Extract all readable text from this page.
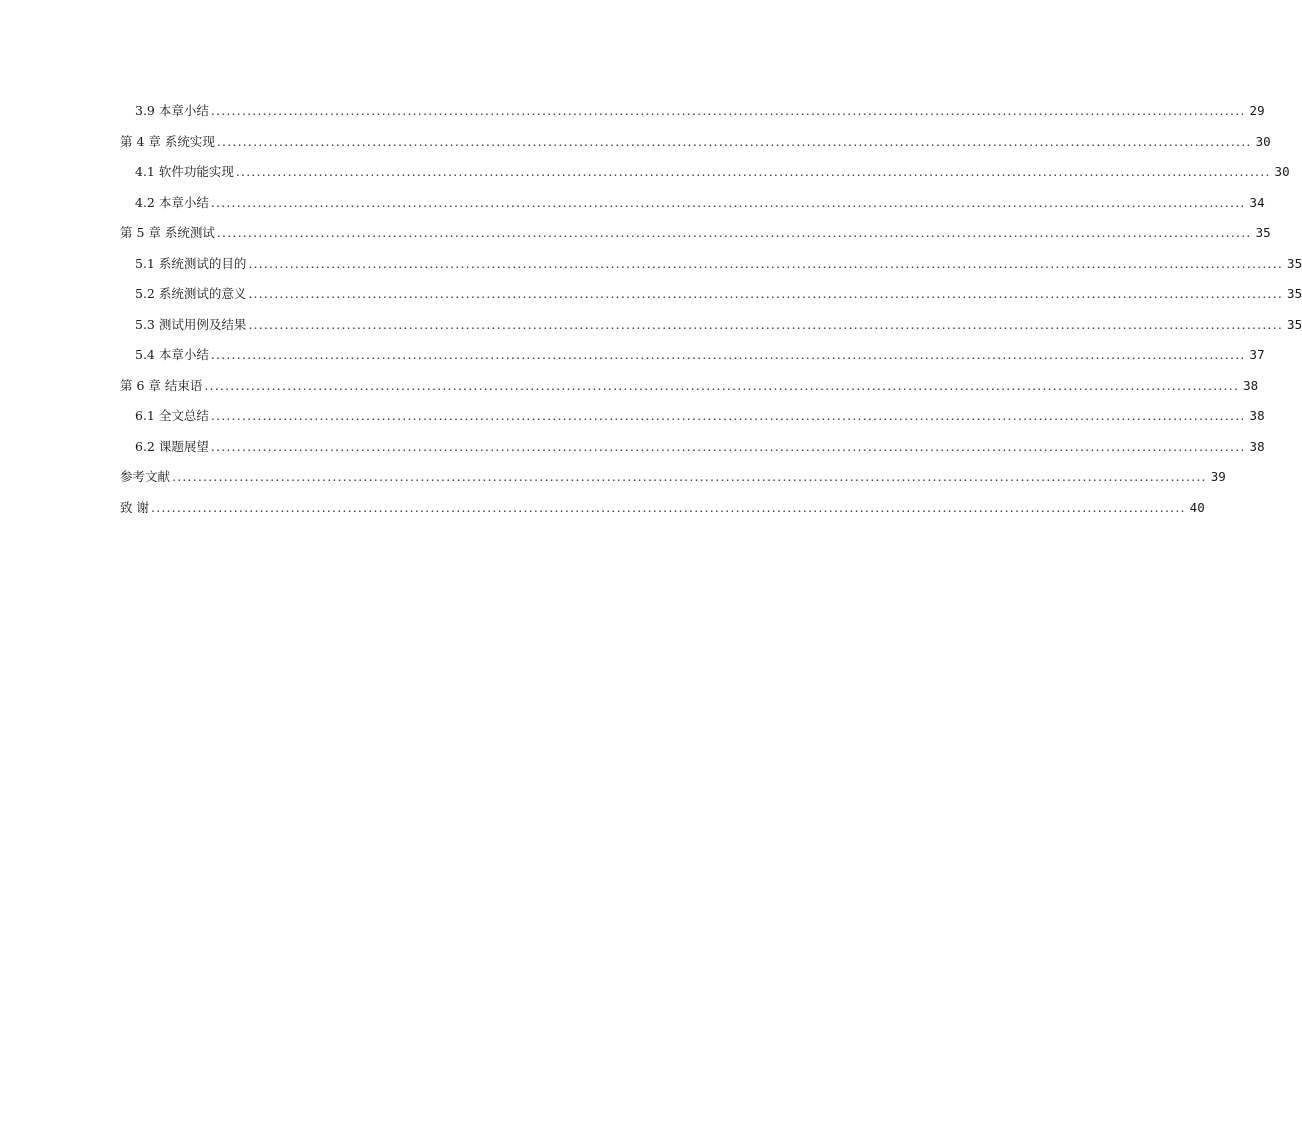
3.9 本章小结 ........................................................................................................................................................................................................ 29
第 4 章 系统实现 ........................................................................................................................................................................................................ 30
4.1 软件功能实现 ........................................................................................................................................................................................................ 30
4.2 本章小结 ........................................................................................................................................................................................................ 34
第 5 章 系统测试 ........................................................................................................................................................................................................ 35
5.1 系统测试的目的 ........................................................................................................................................................................................................ 35
5.2 系统测试的意义 ........................................................................................................................................................................................................ 35
5.3 测试用例及结果 ........................................................................................................................................................................................................ 35
5.4 本章小结 ........................................................................................................................................................................................................ 37
第 6 章 结束语 ........................................................................................................................................................................................................ 38
6.1 全文总结 ........................................................................................................................................................................................................ 38
6.2 课题展望 ........................................................................................................................................................................................................ 38
参考文献 ........................................................................................................................................................................................................ 39
致 谢 ........................................................................................................................................................................................................ 40
